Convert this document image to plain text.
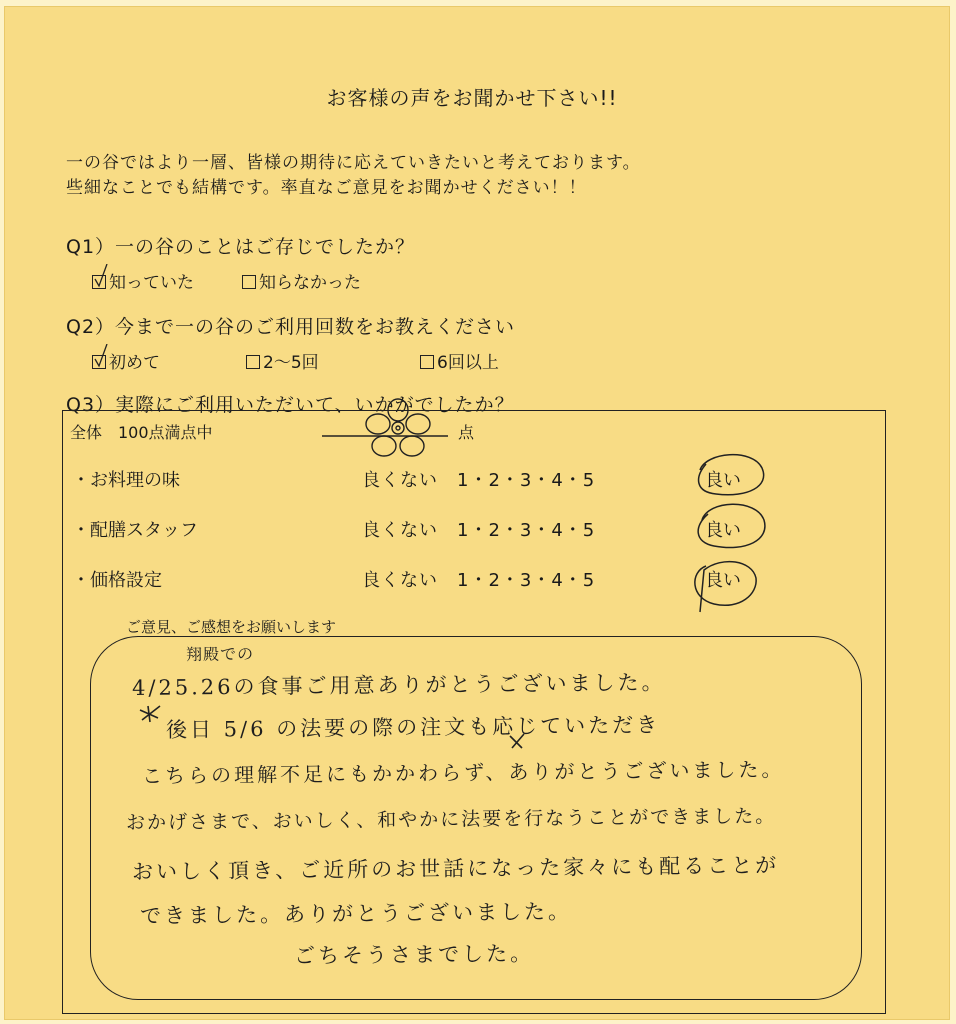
お客様の声をお聞かせ下さい!!
一の谷ではより一層、皆様の期待に応えていきたいと考えております。
些細なことでも結構です。率直なご意見をお聞かせください！！
Q1）一の谷のことはご存じでしたか？
知っていた	知らなかった
Q2）今まで一の谷のご利用回数をお教えください
初めて	2～5回	6回以上
Q3）実際にご利用いただいて、いかがでしたか？
全体　100点満点中	点
・お料理の味	良くない　 1・2・3・4・5	良い
・配膳スタッフ	良くない　 1・2・3・4・5	良い
・価格設定	良くない　 1・2・3・4・5	良い
ご意見、ご感想をお願いします
翔殿での
4/25.26の食事ご用意ありがとうございました。
後日 5/6 の法要の際の注文も応じていただき
こちらの理解不足にもかかわらず、ありがとうございました。
おかげさまで、おいしく、和やかに法要を行なうことができました。
おいしく頂き、ご近所のお世話になった家々にも配ることが
できました。ありがとうございました。
ごちそうさまでした。
